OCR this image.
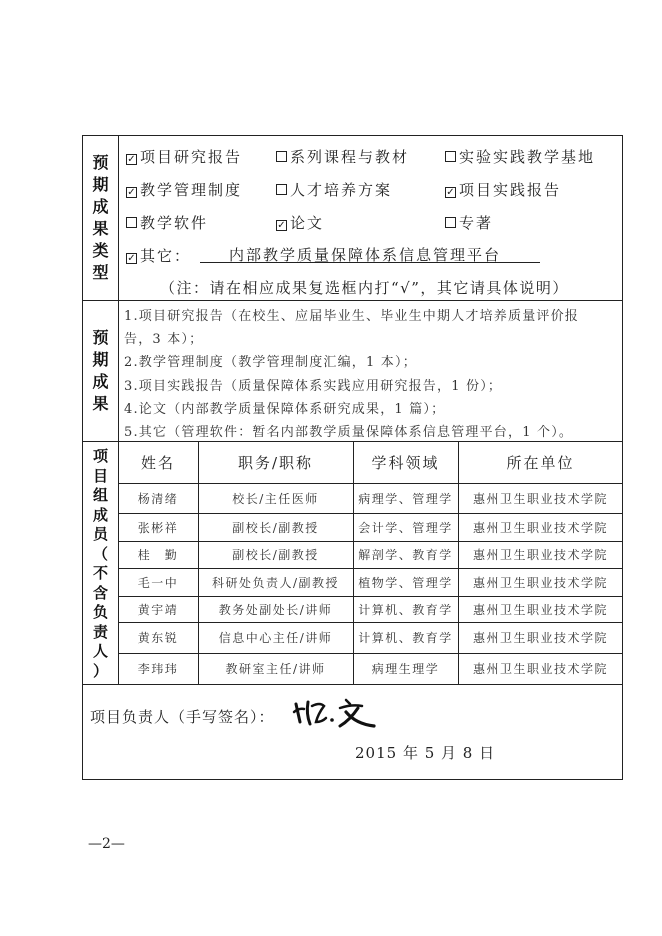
预
期
成
果
类
型
✓ 项目研究报告	系列课程与教材	实验实践教学基地
✓ 教学管理制度	人才培养方案	✓ 项目实践报告
教学软件	✓ 论文	专著
✓ 其它：	内部教学质量保障体系信息管理平台
（注：请在相应成果复选框内打“√”，其它请具体说明）
预
期
成
果
1.项目研究报告（在校生、应届毕业生、毕业生中期人才培养质量评价报
告，3 本）；
2.教学管理制度（教学管理制度汇编，1 本）；
3.项目实践报告（质量保障体系实践应用研究报告，1 份）；
4.论文（内部教学质量保障体系研究成果，1 篇）；
5.其它（管理软件：暂名内部教学质量保障体系信息管理平台，1 个）。
项
目
组
成
员
（
不
含
负
责
人
）
姓名	职务/职称	学科领域	所在单位
杨清绪	校长/主任医师	病理学、管理学	惠州卫生职业技术学院
张彬祥	副校长/副教授	会计学、管理学	惠州卫生职业技术学院
桂　勤	副校长/副教授	解剖学、教育学	惠州卫生职业技术学院
毛一中	科研处负责人/副教授	植物学、管理学	惠州卫生职业技术学院
黄宇靖	教务处副处长/讲师	计算机、教育学	惠州卫生职业技术学院
黄东锐	信息中心主任/讲师	计算机、教育学	惠州卫生职业技术学院
李玮玮	教研室主任/讲师	病理生理学	惠州卫生职业技术学院
项目负责人（手写签名）：
2015 年 5 月 8 日
—2—
